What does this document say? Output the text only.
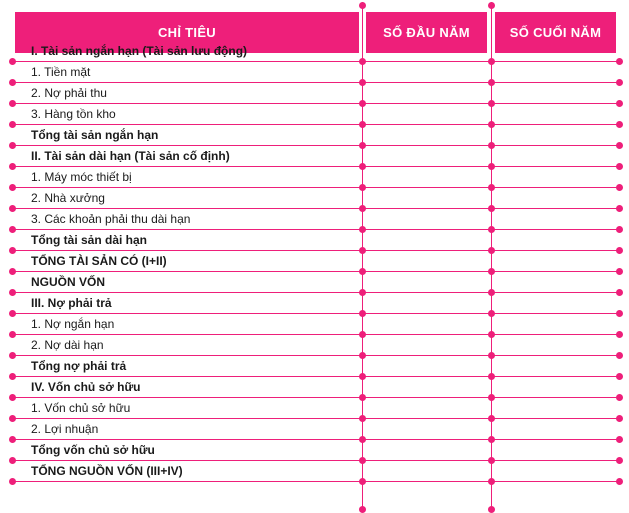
CHỈ TIÊU	SỐ ĐẦU NĂM	SỐ CUỐI NĂM
I. Tài sản ngắn hạn (Tài sản lưu động)
1. Tiền mặt
2. Nợ phải thu
3. Hàng tồn kho
Tổng tài sản ngắn hạn
II. Tài sản dài hạn (Tài sản cố định)
1. Máy móc thiết bị
2. Nhà xưởng
3. Các khoản phải thu dài hạn
Tổng tài sản dài hạn
TỔNG TÀI SẢN CÓ (I+II)
NGUỒN VỐN
III. Nợ phải trả
1. Nợ ngắn hạn
2. Nợ dài hạn
Tổng nợ phải trả
IV. Vốn chủ sở hữu
1. Vốn chủ sở hữu
2. Lợi nhuận
Tổng vốn chủ sở hữu
TỔNG NGUỒN VỐN (III+IV)
